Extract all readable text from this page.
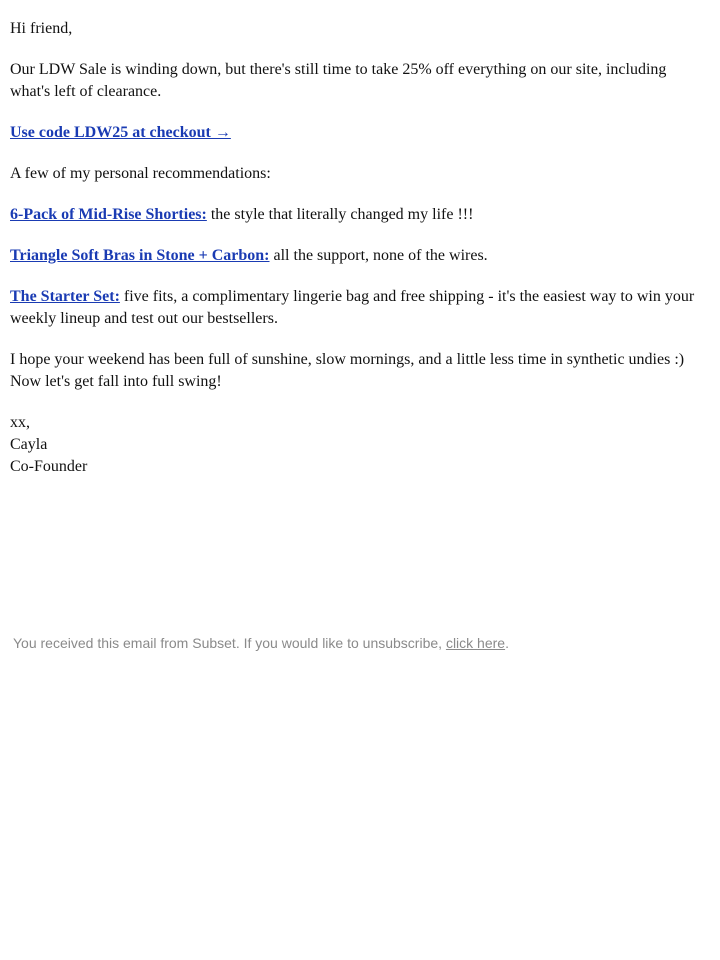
Hi friend,

Our LDW Sale is winding down, but there's still time to take 25% off everything on our site, including what's left of clearance.

Use code LDW25 at checkout →

A few of my personal recommendations:

6-Pack of Mid-Rise Shorties: the style that literally changed my life !!!

Triangle Soft Bras in Stone + Carbon: all the support, none of the wires.

The Starter Set: five fits, a complimentary lingerie bag and free shipping - it's the easiest way to win your weekly lineup and test out our bestsellers.

I hope your weekend has been full of sunshine, slow mornings, and a little less time in synthetic undies :) Now let's get fall into full swing!

xx,
Cayla
Co-Founder
You received this email from Subset. If you would like to unsubscribe, click here.
